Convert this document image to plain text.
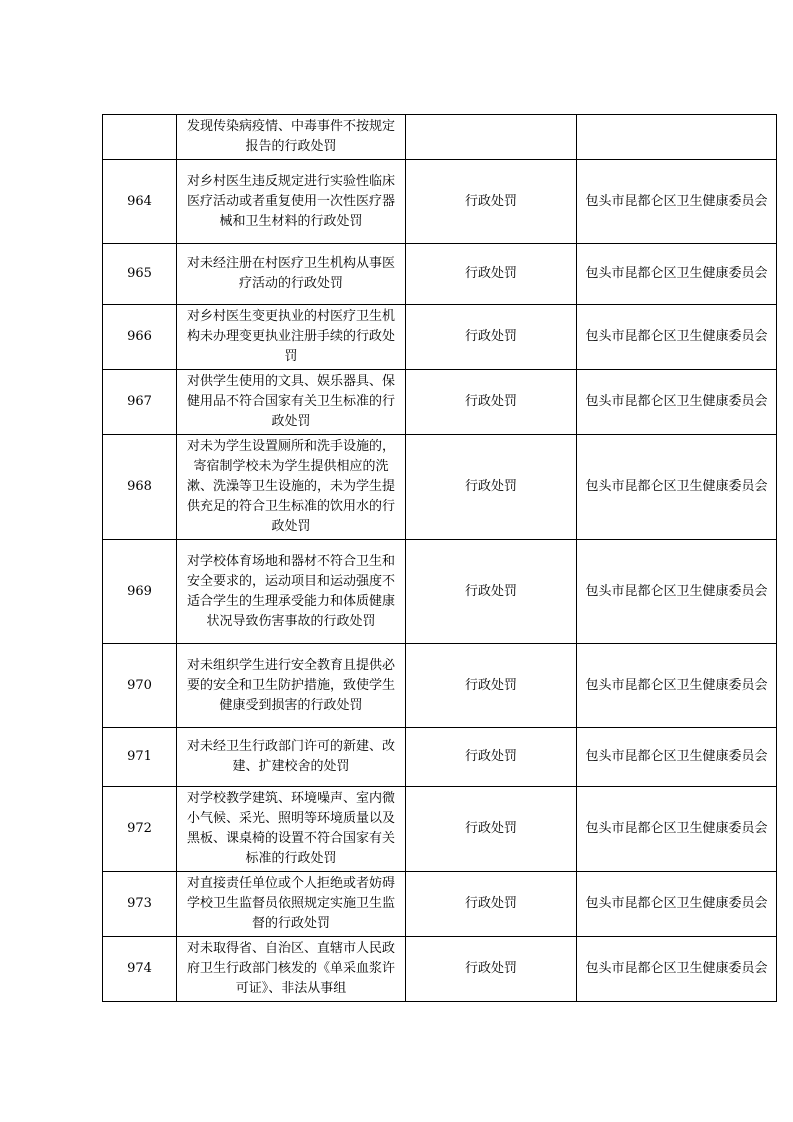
	发现传染病疫情、中毒事件不按规定报告的行政处罚		
964	对乡村医生违反规定进行实验性临床医疗活动或者重复使用一次性医疗器械和卫生材料的行政处罚	行政处罚	包头市昆都仑区卫生健康委员会
965	对未经注册在村医疗卫生机构从事医疗活动的行政处罚	行政处罚	包头市昆都仑区卫生健康委员会
966	对乡村医生变更执业的村医疗卫生机构未办理变更执业注册手续的行政处罚	行政处罚	包头市昆都仑区卫生健康委员会
967	对供学生使用的文具、娱乐器具、保健用品不符合国家有关卫生标准的行政处罚	行政处罚	包头市昆都仑区卫生健康委员会
968	对未为学生设置厕所和洗手设施的，寄宿制学校未为学生提供相应的洗漱、洗澡等卫生设施的，未为学生提供充足的符合卫生标准的饮用水的行政处罚	行政处罚	包头市昆都仑区卫生健康委员会
969	对学校体育场地和器材不符合卫生和安全要求的，运动项目和运动强度不适合学生的生理承受能力和体质健康状况导致伤害事故的行政处罚	行政处罚	包头市昆都仑区卫生健康委员会
970	对未组织学生进行安全教育且提供必要的安全和卫生防护措施，致使学生健康受到损害的行政处罚	行政处罚	包头市昆都仑区卫生健康委员会
971	对未经卫生行政部门许可的新建、改建、扩建校舍的处罚	行政处罚	包头市昆都仑区卫生健康委员会
972	对学校教学建筑、环境噪声、室内微小气候、采光、照明等环境质量以及黑板、课桌椅的设置不符合国家有关标准的行政处罚	行政处罚	包头市昆都仑区卫生健康委员会
973	对直接责任单位或个人拒绝或者妨碍学校卫生监督员依照规定实施卫生监督的行政处罚	行政处罚	包头市昆都仑区卫生健康委员会
974	对未取得省、自治区、直辖市人民政府卫生行政部门核发的《单采血浆许可证》、非法从事组	行政处罚	包头市昆都仑区卫生健康委员会
